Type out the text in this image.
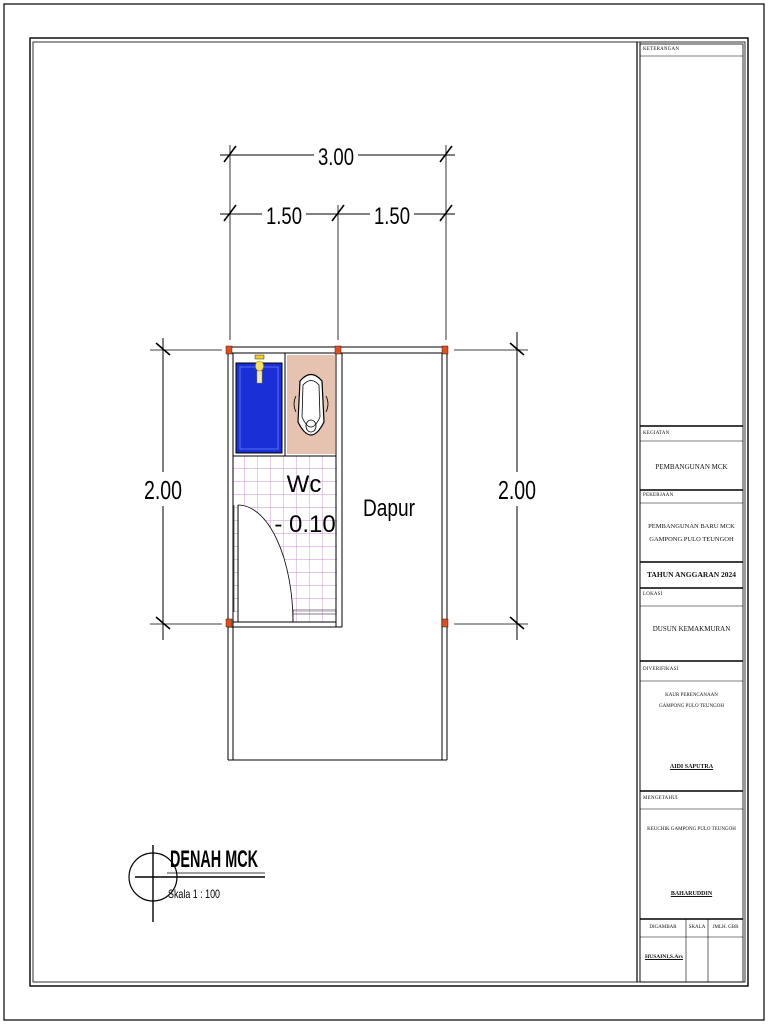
3.00
1.50	1.50
2.00	2.00
Wc
- 0.10
Dapur
DENAH MCK
Skala 1 : 100
KETERANGAN
KEGIATAN
PEMBANGUNAN MCK
PEKERJAAN
PEMBANGUNAN BARU MCK
GAMPONG PULO TEUNGOH
TAHUN ANGGARAN 2024
LOKASI
DUSUN KEMAKMURAN
DIVERIFIKASI
KAUR PERENCANAAN
GAMPONG PULO TEUNGOH
AIDI SAPUTRA
MENGETAHUI
KEUCHIK GAMPONG PULO TEUNGOH
BAHARUDDIN
DIGAMBAR	SKALA	JMLH. GBR
HUSAINI,S.Ars
